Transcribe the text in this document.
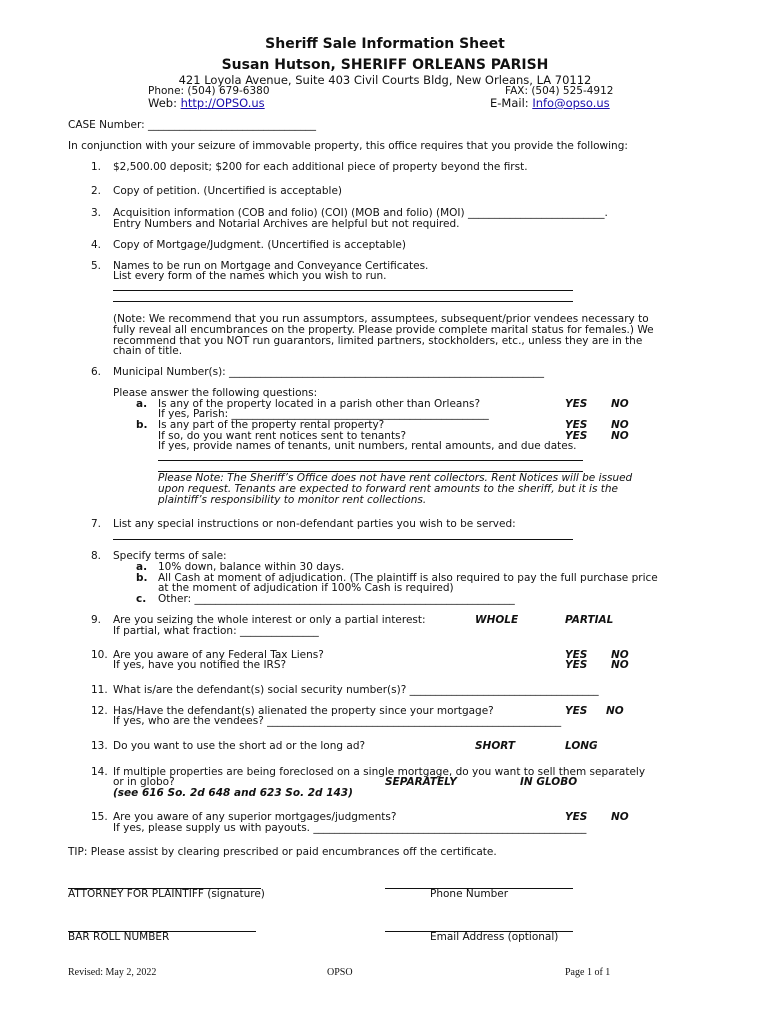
Sheriff Sale Information Sheet
Susan Hutson, SHERIFF ORLEANS PARISH
421 Loyola Avenue, Suite 403 Civil Courts Bldg, New Orleans, LA 70112
Phone: (504) 679-6380	FAX: (504) 525-4912
Web: http://OPSO.us	E-Mail: Info@opso.us
CASE Number: ________________________________
In conjunction with your seizure of immovable property, this office requires that you provide the following:
1. $2,500.00 deposit; $200 for each additional piece of property beyond the first.
2. Copy of petition. (Uncertified is acceptable)
3. Acquisition information (COB and folio) (COI) (MOB and folio) (MOI) __________________________.
Entry Numbers and Notarial Archives are helpful but not required.
4. Copy of Mortgage/Judgment. (Uncertified is acceptable)
5. Names to be run on Mortgage and Conveyance Certificates.
List every form of the names which you wish to run.
(Note: We recommend that you run assumptors, assumptees, subsequent/prior vendees necessary to
fully reveal all encumbrances on the property. Please provide complete marital status for females.) We
recommend that you NOT run guarantors, limited partners, stockholders, etc., unless they are in the
chain of title.
6. Municipal Number(s): ____________________________________________________________
Please answer the following questions:
a. Is any of the property located in a parish other than Orleans?	YES NO
If yes, Parish: _________________________________________________
b. Is any part of the property rental property?	YES NO
If so, do you want rent notices sent to tenants?	YES NO
If yes, provide names of tenants, unit numbers, rental amounts, and due dates.
Please Note: The Sheriff’s Office does not have rent collectors. Rent Notices will be issued
upon request. Tenants are expected to forward rent amounts to the sheriff, but it is the
plaintiff’s responsibility to monitor rent collections.
7. List any special instructions or non-defendant parties you wish to be served:
8. Specify terms of sale:
a. 10% down, balance within 30 days.
b. All Cash at moment of adjudication. (The plaintiff is also required to pay the full purchase price
at the moment of adjudication if 100% Cash is required)
c. Other: _____________________________________________________________
9. Are you seizing the whole interest or only a partial interest:	WHOLE	PARTIAL
If partial, what fraction: _______________
10. Are you aware of any Federal Tax Liens?	YES NO
If yes, have you notified the IRS?	YES NO
11. What is/are the defendant(s) social security number(s)? ____________________________________
12. Has/Have the defendant(s) alienated the property since your mortgage?	YES NO
If yes, who are the vendees? ________________________________________________________
13. Do you want to use the short ad or the long ad?	SHORT	LONG
14. If multiple properties are being foreclosed on a single mortgage, do you want to sell them separately
or in globo?	SEPARATELY	IN GLOBO
(see 616 So. 2d 648 and 623 So. 2d 143)
15. Are you aware of any superior mortgages/judgments?	YES NO
If yes, please supply us with payouts. ____________________________________________________
TIP: Please assist by clearing prescribed or paid encumbrances off the certificate.
ATTORNEY FOR PLAINTIFF (signature)	Phone Number
BAR ROLL NUMBER	Email Address (optional)
Revised: May 2, 2022	OPSO	Page 1 of 1
